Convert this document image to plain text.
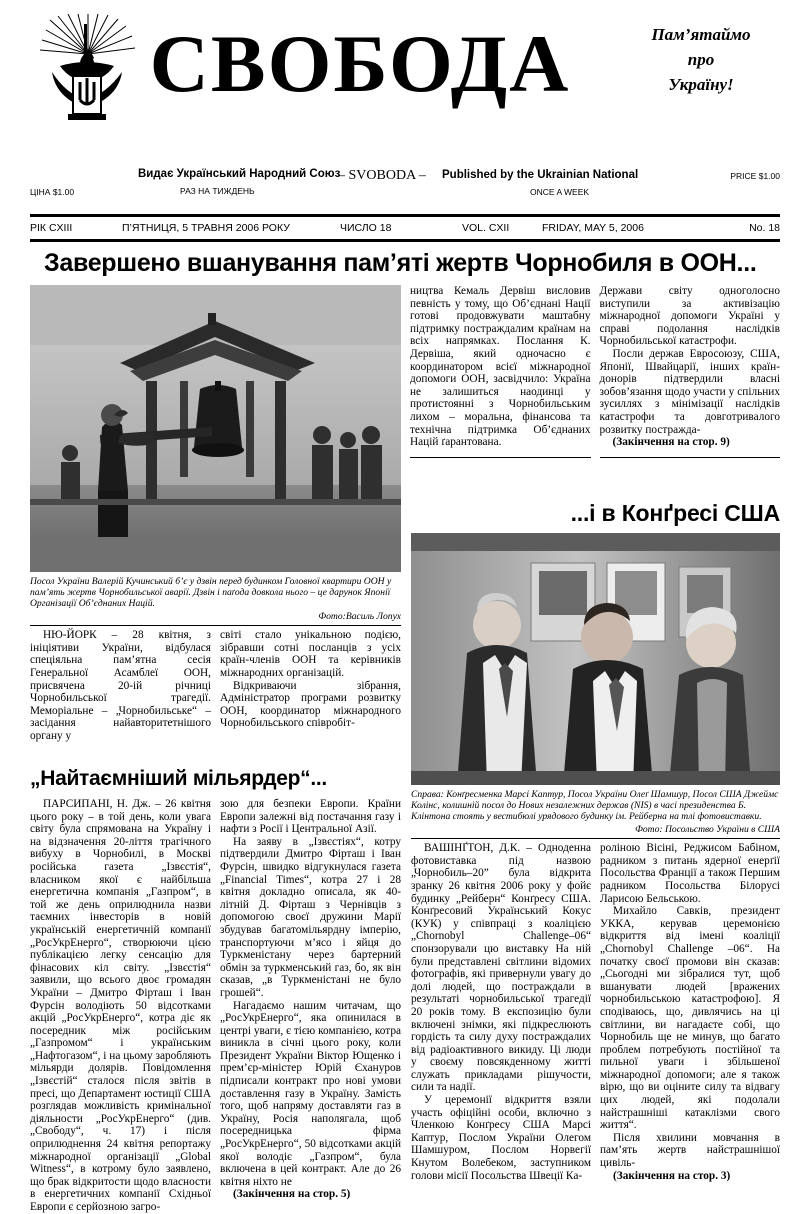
СВОБОДА	Пам’ятаймо
про
Україну!
ЦІНА $1.00
Видає Український Народний Союз
РАЗ НА ТИЖДЕНЬ
– SVOBODA – Published by the Ukrainian National
ONCE A WEEK
PRICE $1.00
РІК CXIII	П’ЯТНИЦЯ, 5 ТРАВНЯ 2006 РОКУ	ЧИСЛО 18	VOL. CXII	FRIDAY, MAY 5, 2006	No. 18
Завершено вшанування пам’яті жертв Чорнобиля в ООН...

Посол України Валерій Кучинський б’є у дзвін перед будинком Головної квартири ООН у пам’ять жертв Чорнобильської аварії. Дзвін і паґода довкола нього – це дарунок Японії Організації Об’єднаних Націй.

Фото:Василь Лопух

НЮ-ЙОРК – 28 квітня, з ініціятиви України, відбулася спеціяльна пам’ятна сесія Генеральної Асамблеї ООН, присвячена 20-ій річниці Чорнобильської трагедії. Меморіальне – „Чорнобильське“ – засідання найавторитетнішого органу у

світі стало унікальною подією, зібравши сотні посланців з усіх країн-членів ООН та керівників міжнародних організацій.

Відкриваючи зібрання, Адміністратор програми розвитку ООН, координатор міжнародного Чорнобильського співробіт-

ництва Кемаль Дервіш висловив певність у тому, що Об’єднані Нації готові продовжувати маштабну підтримку постраждалим країнам на всіх напрямках. Послання К. Дервіша, який одночасно є координатором всієї міжнародної допомоги ООН, засвідчило: Україна не залишиться наодинці у протистоянні з Чорнобильським лихом – моральна, фінансова та технічна підтримка Об’єднаних Націй ґарантована.

Держави світу одноголосно виступили за активізацію міжнародної допомоги Україні у справі подолання наслідків Чорнобильської катастрофи.

Посли держав Евросоюзу, США, Японії, Швайцарії, інших країн-донорів підтвердили власні зобов’язання щодо участи у спільних зусиллях з мінімізації наслідків катастрофи та довготривалого розвитку постражда-

(Закінчення на стор. 9)

...і в Конґресі США

Справа: Конґресменка Марсі Каптур, Посол України Олеґ Шамшур, Посол США Джеймс Колінс, колишній посол до Нових незалежних держав (NIS) в часі президенства Б. Клінтона стоять у вестибюлі урядового будинку ім. Рейберна на тлі фотовиставки.

Фото: Посольство України в США

ВАШІНҐТОН, Д.К. – Одноденна фотовиставка під назвою „Чорнобиль–20” була відкрита зранку 26 квітня 2006 року у фойє будинку „Рейберн“ Конґресу США. Конґресовий Український Кокус (КУК) у співпраці з коаліцією „Chornobyl Challenge–06“ спонзорували цю виставку На ній були представлені світлини відомих фотографів, які привернули увагу до долі людей, що постраждали в результаті чорнобильської трагедії 20 років тому. В експозицію були включені знімки, які підкреслюють гордість та силу духу постраждалих від радіоактивного викиду. Ці люди у своєму повсякденному житті служать прикладами рішучости, сили та надії.

У церемонії відкриття взяли участь офіційні особи, включно з Членкою Конґресу США Марсі Каптур, Послом України Олегом Шамшуром, Послом Норвегії Кнутом Волебеком, заступником голови місії Посольства Швеції Ка-

роліною Вісіні, Реджисом Бабіном, радником з питань ядерної енерґії Посольства Франції а також Першим радником Посольства Білорусі Ларисою Бельською.

Михайло Савків, президент УККА, керував церемонією відкриття від імені коаліції „Chornobyl Challenge –06“. На початку своєї промови він сказав: „Сьогодні ми зібралися тут, щоб вшанувати людей [вражених чорнобильською катастрофою]. Я сподіваюсь, що, дивлячись на ці світлини, ви нагадаєте собі, що Чорнобиль ще не минув, що багато проблем потребують постійної та пильної уваги і збільшеної міжнародної допомоги; але я також вірю, що ви оціните силу та відвагу цих людей, які подолали найстрашніші катаклізми свого життя“.

Після хвилини мовчання в пам’ять жертв найстрашнішої цивіль-

(Закінчення на стор. 3)

„Найтаємніший мільярдер“...

ПАРСИПАНІ, Н. Дж. – 26 квітня цього року – в той день, коли увага світу була спрямована на Україну і на відзначення 20-ліття трагічного вибуху в Чорнобилі, в Москві російська газета „Ізвєстія“, власником якої є найбільша енергетична компанія „Газпром“, в той же день оприлюднила назви таємних інвесторів в новій українській енергетичній компанії „РосУкрЕнерго“, створюючи цією публікацією легку сенсацію для фінасових кіл світу. „Ізвєстія“ заявили, що всього двоє громадян України – Дмитро Фірташ і Іван Фурсін володіють 50 відсотками акцій „РосУкрЕнерго“, котра діє як посередник між російським „Газпромом“ і українським „Нафтогазом“, і на цьому заробляють мільярди долярів. Повідомлення „Ізвєстій“ сталося після звітів в пресі, що Департамент юстиції США розглядав можливість кримінальної діяльности „РосУкрЕнерго“ (див. „Свободу“, ч. 17) і після оприлюднення 24 квітня репортажу міжнародної організації „Global Witness“, в котрому було заявлено, що брак відкритости щодо власности в енергетичних компанії Східньої Европи є серйозною загро-

зою для безпеки Европи. Країни Европи залежні від постачання газу і нафти з Росії і Центральної Азії.

На заяву в „Ізвєстіях“, котру підтвердили Дмитро Фірташ і Іван Фурсін, швидко відгукнулася газета „Financial Times“, котра 27 і 28 квітня докладно описала, як 40-літній Д. Фірташ з Чернівців з допомогою своєї дружини Марії збудував багатомільярдну імперію, транспортуючи м’ясо і яйця до Туркменістану через бартерний обмін за туркменський газ, бо, як він сказав, „в Туркменістані не було грошей“.

Нагадаємо нашим читачам, що „РосУкрЕнерго“, яка опинилася в центрі уваги, є тією компанією, котра виникла в січні цього року, коли Президент України Віктор Ющенко і прем’єр-міністер Юрій Єхануров підписали контракт про нові умови доставлення газу в Україну. Замість того, щоб напряму доставляти газ в Україну, Росія наполягала, щоб посередницька фірма „РосУкрЕнерго“, 50 відсотками акцій якої володіє „Газпром“, була включена в цей контракт. Але до 26 квітня ніхто не

(Закінчення на стор. 5)
